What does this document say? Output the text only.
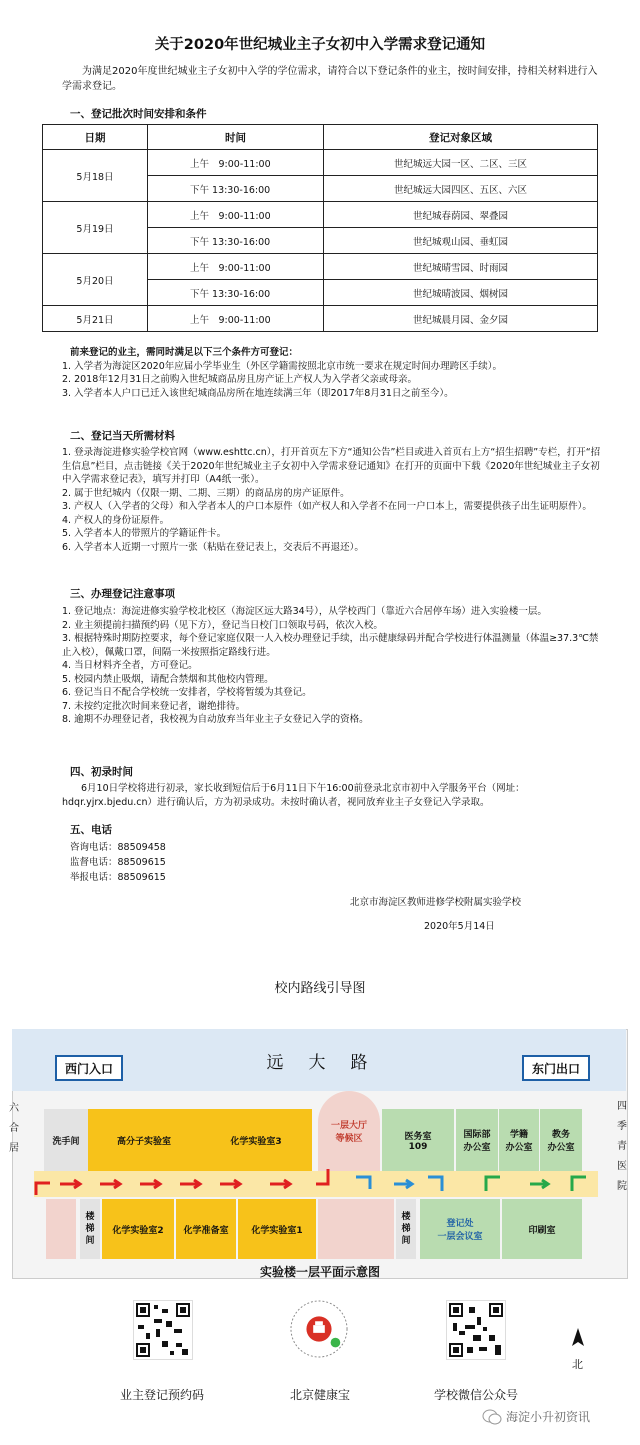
关于2020年世纪城业主子女初中入学需求登记通知
为满足2020年度世纪城业主子女初中入学的学位需求，请符合以下登记条件的业主，按时间安排，持相关材料进行入学需求登记。
一、登记批次时间安排和条件
日期	时间	登记对象区域
5月18日	上午　9:00-11:00	世纪城远大园一区、二区、三区
	下午 13:30-16:00	世纪城远大园四区、五区、六区
5月19日	上午　9:00-11:00	世纪城春荫园、翠叠园
	下午 13:30-16:00	世纪城观山园、垂虹园
5月20日	上午　9:00-11:00	世纪城晴雪园、时雨园
	下午 13:30-16:00	世纪城晴波园、烟树园
5月21日	上午　9:00-11:00	世纪城晨月园、金夕园
前来登记的业主，需同时满足以下三个条件方可登记：
1. 入学者为海淀区2020年应届小学毕业生（外区学籍需按照北京市统一要求在规定时间办理跨区手续）。
2. 2018年12月31日之前购入世纪城商品房且房产证上产权人为入学者父亲或母亲。
3. 入学者本人户口已迁入该世纪城商品房所在地连续满三年（即2017年8月31日之前至今）。
二、登记当天所需材料
1. 登录海淀进修实验学校官网（www.eshttc.cn），打开首页左下方“通知公告”栏目或进入首页右上方“招生招聘”专栏，打开“招生信息”栏目，点击链接《关于2020年世纪城业主子女初中入学需求登记通知》在打开的页面中下载《2020年世纪城业主子女初中入学需求登记表》，填写并打印（A4纸一张）。
2. 属于世纪城内（仅限一期、二期、三期）的商品房的房产证原件。
3. 产权人（入学者的父母）和入学者本人的户口本原件（如产权人和入学者不在同一户口本上，需要提供孩子出生证明原件）。
4. 产权人的身份证原件。
5. 入学者本人的带照片的学籍证件卡。
6. 入学者本人近期一寸照片一张（粘贴在登记表上，交表后不再退还）。
三、办理登记注意事项
1. 登记地点：海淀进修实验学校北校区（海淀区远大路34号），从学校西门（靠近六合居停车场）进入实验楼一层。
2. 业主须提前扫描预约码（见下方），登记当日校门口领取号码，依次入校。
3. 根据特殊时期防控要求，每个登记家庭仅限一人入校办理登记手续，出示健康绿码并配合学校进行体温测量（体温≥37.3℃禁止入校），佩戴口罩，间隔一米按照指定路线行进。
4. 当日材料齐全者，方可登记。
5. 校园内禁止吸烟，请配合禁烟和其他校内管理。
6. 登记当日不配合学校统一安排者，学校将暂缓为其登记。
7. 未按约定批次时间来登记者，谢绝排待。
8. 逾期不办理登记者，我校视为自动放弃当年业主子女登记入学的资格。
四、初录时间
6月10日学校将进行初录，家长收到短信后于6月11日下午16:00前登录北京市初中入学服务平台（网址：hdqr.yjrx.bjedu.cn）进行确认后，方为初录成功。未按时确认者，视同放弃业主子女登记入学录取。
五、电话
咨询电话：88509458
监督电话：88509615
举报电话：88509615
北京市海淀区教师进修学校附属实验学校
2020年5月14日
校内路线引导图
远　大　路
西门入口	东门出口
六
合
居
四
季
青
医
院
洗手间	高分子实验室	化学实验室3
一层大厅
等候区	医务室
109
国际部
办公室
学籍
办公室
教务
办公室
楼
梯
间
化学实验室2	化学准备室	化学实验室1
楼
梯
间
登记处
一层会议室
印刷室
实验楼一层平面示意图
业主登记预约码	北京健康宝	学校微信公众号
北
海淀小升初资讯
